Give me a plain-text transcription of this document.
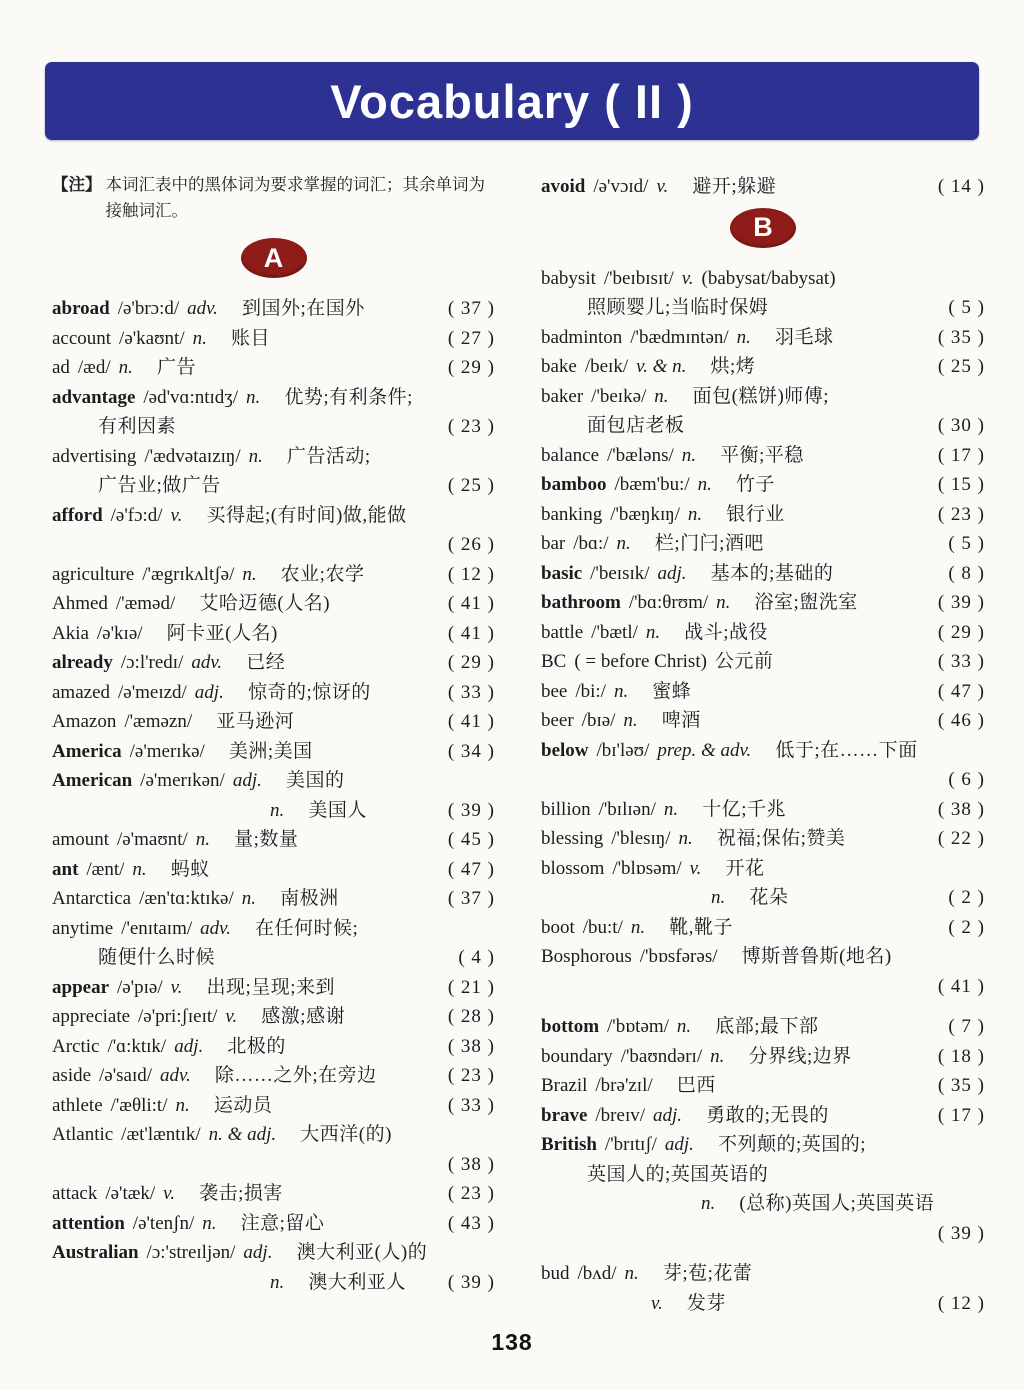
Vocabulary ( II )
【注】 本词汇表中的黑体词为要求掌握的词汇；其余单词为接触词汇。
A
abroad /ə'brɔ:d/ adv. 到国外;在国外	( 37 )
account /ə'kaʊnt/ n. 账目	( 27 )
ad /æd/ n. 广告	( 29 )
advantage /əd'vɑ:ntɪdʒ/ n. 优势;有利条件;
有利因素	( 23 )
advertising /'ædvətaɪzɪŋ/ n. 广告活动;
广告业;做广告	( 25 )
afford /ə'fɔ:d/ v. 买得起;(有时间)做,能做
( 26 )
agriculture /'ægrɪkʌltʃə/ n. 农业;农学	( 12 )
Ahmed /'æməd/ 艾哈迈德(人名)	( 41 )
Akia /ə'kɪə/ 阿卡亚(人名)	( 41 )
already /ɔ:l'redɪ/ adv. 已经	( 29 )
amazed /ə'meɪzd/ adj. 惊奇的;惊讶的	( 33 )
Amazon /'æməzn/ 亚马逊河	( 41 )
America /ə'merɪkə/ 美洲;美国	( 34 )
American /ə'merɪkən/ adj. 美国的
n. 美国人	( 39 )
amount /ə'maʊnt/ n. 量;数量	( 45 )
ant /ænt/ n. 蚂蚁	( 47 )
Antarctica /æn'tɑ:ktɪkə/ n. 南极洲	( 37 )
anytime /'enɪtaɪm/ adv. 在任何时候;
随便什么时候	( 4 )
appear /ə'pɪə/ v. 出现;呈现;来到	( 21 )
appreciate /ə'pri:ʃɪeɪt/ v. 感激;感谢	( 28 )
Arctic /'ɑ:ktɪk/ adj. 北极的	( 38 )
aside /ə'saɪd/ adv. 除……之外;在旁边	( 23 )
athlete /'æθli:t/ n. 运动员	( 33 )
Atlantic /æt'læntɪk/ n. & adj. 大西洋(的)
( 38 )
attack /ə'tæk/ v. 袭击;损害	( 23 )
attention /ə'tenʃn/ n. 注意;留心	( 43 )
Australian /ɔ:'streɪljən/ adj. 澳大利亚(人)的
n. 澳大利亚人 ( 39 )
avoid /ə'vɔɪd/ v. 避开;躲避	( 14 )
B
babysit /'beɪbɪsɪt/ v. (babysat/babysat)
照顾婴儿;当临时保姆	( 5 )
badminton /'bædmɪntən/ n. 羽毛球	( 35 )
bake /beɪk/ v. & n. 烘;烤	( 25 )
baker /'beɪkə/ n. 面包(糕饼)师傅;
面包店老板	( 30 )
balance /'bæləns/ n. 平衡;平稳	( 17 )
bamboo /bæm'bu:/ n. 竹子	( 15 )
banking /'bæŋkɪŋ/ n. 银行业	( 23 )
bar /bɑ:/ n. 栏;门闩;酒吧	( 5 )
basic /'beɪsɪk/ adj. 基本的;基础的	( 8 )
bathroom /'bɑ:θrʊm/ n. 浴室;盥洗室	( 39 )
battle /'bætl/ n. 战斗;战役	( 29 )
BC ( = before Christ) 公元前	( 33 )
bee /bi:/ n. 蜜蜂	( 47 )
beer /bɪə/ n. 啤酒	( 46 )
below /bɪ'ləʊ/ prep. & adv. 低于;在……下面
( 6 )
billion /'bɪlɪən/ n. 十亿;千兆	( 38 )
blessing /'blesɪŋ/ n. 祝福;保佑;赞美	( 22 )
blossom /'blɒsəm/ v. 开花
n. 花朵	( 2 )
boot /bu:t/ n. 靴,靴子	( 2 )
Bosphorous /'bɒsfərəs/ 博斯普鲁斯(地名)
( 41 )
bottom /'bɒtəm/ n. 底部;最下部	( 7 )
boundary /'baʊndərɪ/ n. 分界线;边界	( 18 )
Brazil /brə'zɪl/ 巴西	( 35 )
brave /breɪv/ adj. 勇敢的;无畏的	( 17 )
British /'brɪtɪʃ/ adj. 不列颠的;英国的;
英国人的;英国英语的
n. (总称)英国人;英国英语
( 39 )
bud /bʌd/ n. 芽;苞;花蕾
v. 发芽	( 12 )
138
